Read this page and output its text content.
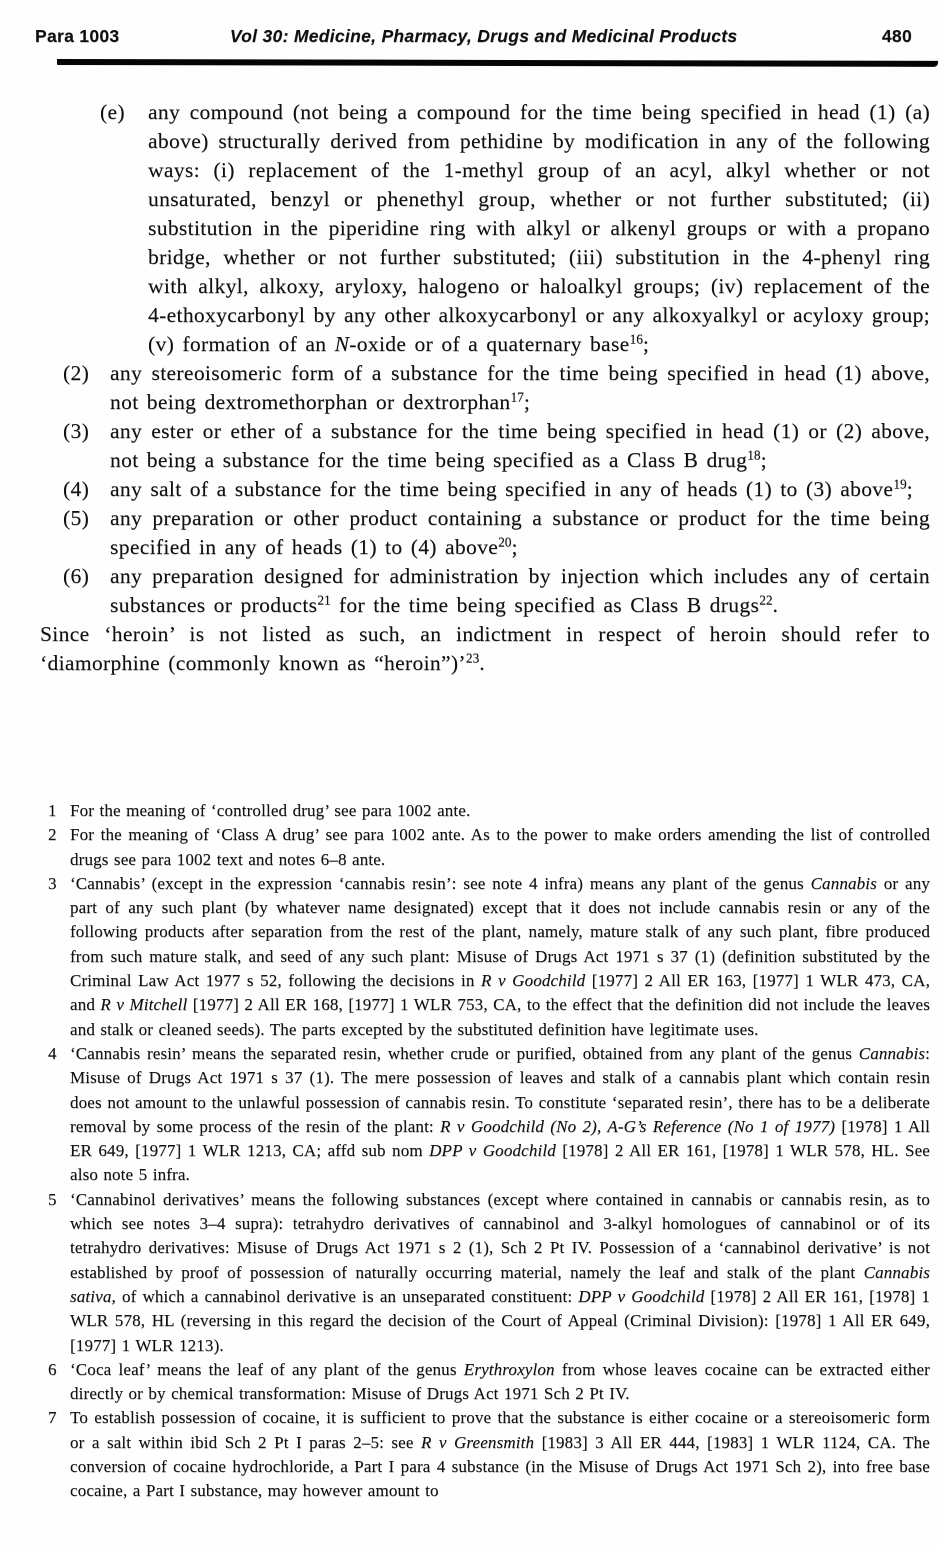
Para 1003	Vol 30: Medicine, Pharmacy, Drugs and Medicinal Products	480
(e)	any compound (not being a compound for the time being specified in head (1) (a) above) structurally derived from pethidine by modification in any of the following ways: (i) replacement of the 1-methyl group of an acyl, alkyl whether or not unsaturated, benzyl or phenethyl group, whether or not further substituted; (ii) substitution in the piperidine ring with alkyl or alkenyl groups or with a propano bridge, whether or not further substituted; (iii) substitution in the 4-phenyl ring with alkyl, alkoxy, aryloxy, halogeno or haloalkyl groups; (iv) replacement of the 4-ethoxycarbonyl by any other alkoxycarbonyl or any alkoxyalkyl or acyloxy group; (v) formation of an N-oxide or of a quaternary base$^{16}$;
(2) any stereoisomeric form of a substance for the time being specified in head (1) above, not being dextromethorphan or dextrorphan$^{17}$;
(3) any ester or ether of a substance for the time being specified in head (1) or (2) above, not being a substance for the time being specified as a Class B drug$^{18}$;
(4) any salt of a substance for the time being specified in any of heads (1) to (3) above$^{19}$;
(5) any preparation or other product containing a substance or product for the time being specified in any of heads (1) to (4) above$^{20}$;
(6) any preparation designed for administration by injection which includes any of certain substances or products$^{21}$ for the time being specified as Class B drugs$^{22}$.

Since ‘heroin’ is not listed as such, an indictment in respect of heroin should refer to ‘diamorphine (commonly known as “heroin”)’$^{23}$.

1 For the meaning of ‘controlled drug’ see para 1002 ante.
2 For the meaning of ‘Class A drug’ see para 1002 ante. As to the power to make orders amending the list of controlled drugs see para 1002 text and notes 6–8 ante.
3 ‘Cannabis’ (except in the expression ‘cannabis resin’: see note 4 infra) means any plant of the genus Cannabis or any part of any such plant (by whatever name designated) except that it does not include cannabis resin or any of the following products after separation from the rest of the plant, namely, mature stalk of any such plant, fibre produced from such mature stalk, and seed of any such plant: Misuse of Drugs Act 1971 s 37 (1) (definition substituted by the Criminal Law Act 1977 s 52, following the decisions in R v Goodchild [1977] 2 All ER 163, [1977] 1 WLR 473, CA, and R v Mitchell [1977] 2 All ER 168, [1977] 1 WLR 753, CA, to the effect that the definition did not include the leaves and stalk or cleaned seeds). The parts excepted by the substituted definition have legitimate uses.
4 ‘Cannabis resin’ means the separated resin, whether crude or purified, obtained from any plant of the genus Cannabis: Misuse of Drugs Act 1971 s 37 (1). The mere possession of leaves and stalk of a cannabis plant which contain resin does not amount to the unlawful possession of cannabis resin. To constitute ‘separated resin’, there has to be a deliberate removal by some process of the resin of the plant: R v Goodchild (No 2), A-G’s Reference (No 1 of 1977) [1978] 1 All ER 649, [1977] 1 WLR 1213, CA; affd sub nom DPP v Goodchild [1978] 2 All ER 161, [1978] 1 WLR 578, HL. See also note 5 infra.
5 ‘Cannabinol derivatives’ means the following substances (except where contained in cannabis or cannabis resin, as to which see notes 3–4 supra): tetrahydro derivatives of cannabinol and 3-alkyl homologues of cannabinol or of its tetrahydro derivatives: Misuse of Drugs Act 1971 s 2 (1), Sch 2 Pt IV. Possession of a ‘cannabinol derivative’ is not established by proof of possession of naturally occurring material, namely the leaf and stalk of the plant Cannabis sativa, of which a cannabinol derivative is an unseparated constituent: DPP v Goodchild [1978] 2 All ER 161, [1978] 1 WLR 578, HL (reversing in this regard the decision of the Court of Appeal (Criminal Division): [1978] 1 All ER 649, [1977] 1 WLR 1213).
6 ‘Coca leaf’ means the leaf of any plant of the genus Erythroxylon from whose leaves cocaine can be extracted either directly or by chemical transformation: Misuse of Drugs Act 1971 Sch 2 Pt IV.
7 To establish possession of cocaine, it is sufficient to prove that the substance is either cocaine or a stereoisomeric form or a salt within ibid Sch 2 Pt I paras 2–5: see R v Greensmith [1983] 3 All ER 444, [1983] 1 WLR 1124, CA. The conversion of cocaine hydrochloride, a Part I para 4 substance (in the Misuse of Drugs Act 1971 Sch 2), into free base cocaine, a Part I substance, may however amount to
